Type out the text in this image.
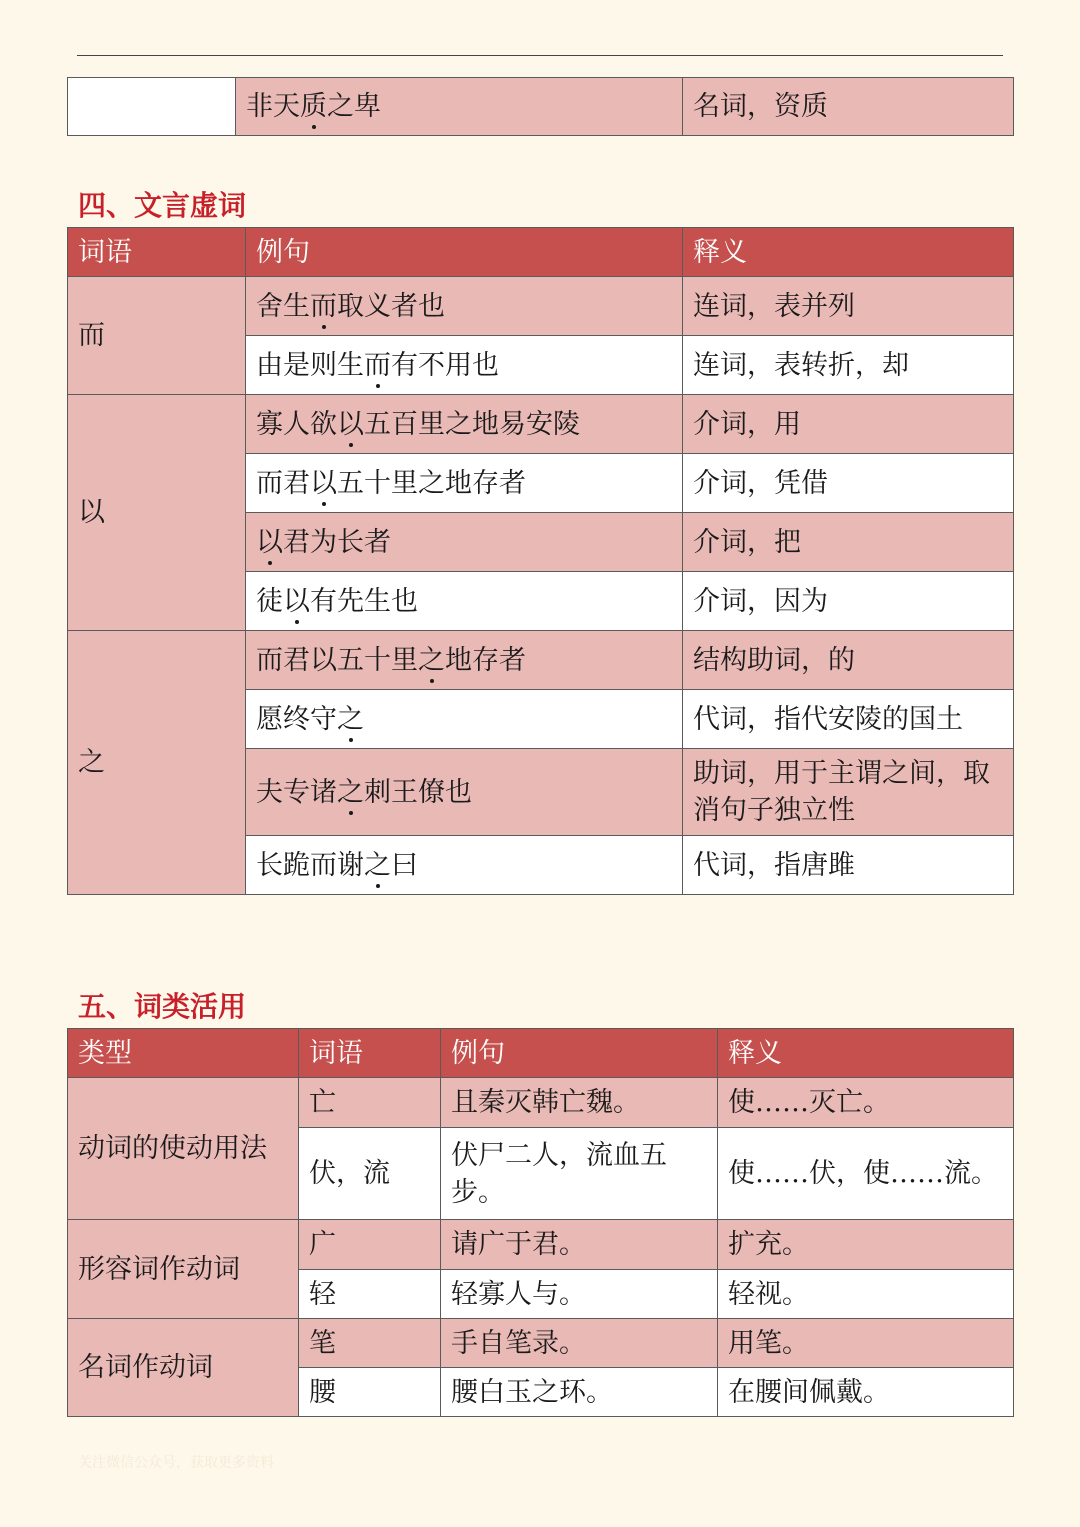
	非天质之卑	名词，资质
四、文言虚词
词语	例句	释义
而	舍生而取义者也	连词，表并列
	由是则生而有不用也	连词，表转折，却
以	寡人欲以五百里之地易安陵	介词，用
	而君以五十里之地存者	介词，凭借
	以君为长者	介词，把
	徒以有先生也	介词，因为
之	而君以五十里之地存者	结构助词，的
	愿终守之	代词，指代安陵的国土
	夫专诸之刺王僚也	助词，用于主谓之间，取消句子独立性
	长跪而谢之曰	代词，指唐雎
五、词类活用
类型	词语	例句	释义
动词的使动用法	亡	且秦灭韩亡魏。	使……灭亡。
	伏，流	伏尸二人，流血五步。	使……伏，使……流。
形容词作动词	广	请广于君。	扩充。
	轻	轻寡人与。	轻视。
名词作动词	笔	手自笔录。	用笔。
	腰	腰白玉之环。	在腰间佩戴。
关注微信公众号，获取更多资料
